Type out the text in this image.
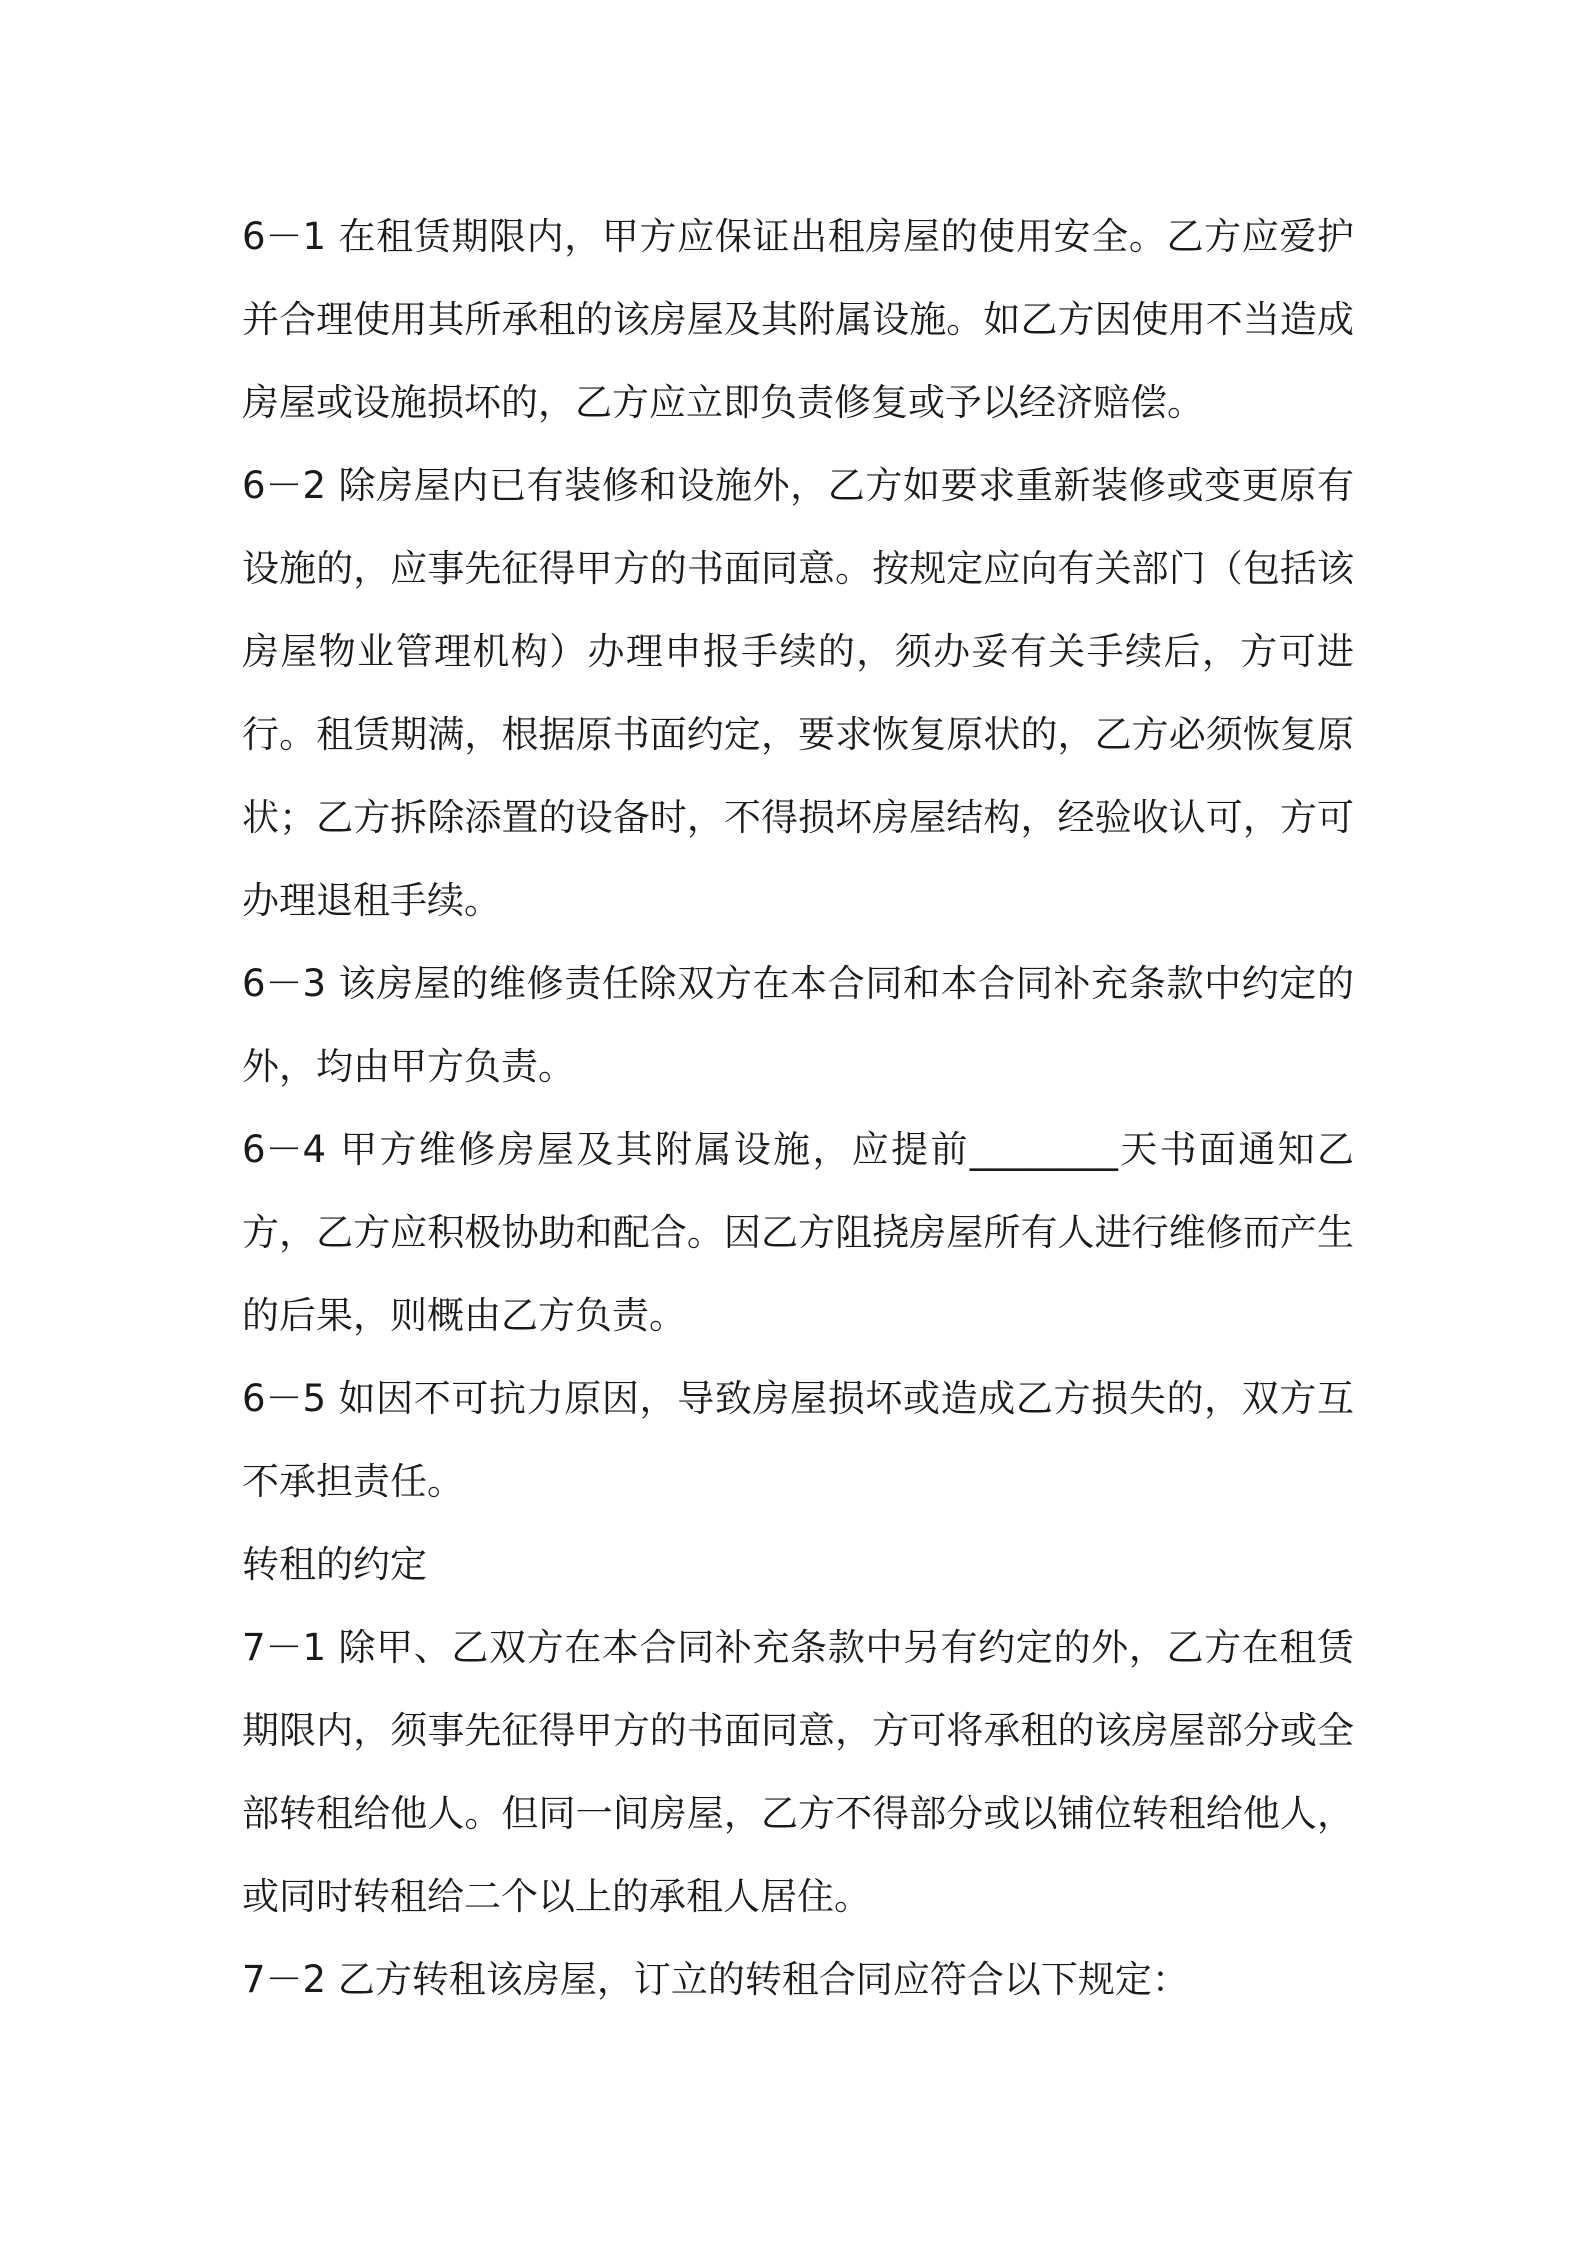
6－1 在租赁期限内，甲方应保证出租房屋的使用安全。乙方应爱护并合理使用其所承租的该房屋及其附属设施。如乙方因使用不当造成房屋或设施损坏的，乙方应立即负责修复或予以经济赔偿。

6－2 除房屋内已有装修和设施外，乙方如要求重新装修或变更原有设施的，应事先征得甲方的书面同意。按规定应向有关部门（包括该房屋物业管理机构）办理申报手续的，须办妥有关手续后，方可进行。租赁期满，根据原书面约定，要求恢复原状的，乙方必须恢复原状；乙方拆除添置的设备时，不得损坏房屋结构，经验收认可，方可办理退租手续。

6－3 该房屋的维修责任除双方在本合同和本合同补充条款中约定的外，均由甲方负责。

6－4 甲方维修房屋及其附属设施，应提前________天书面通知乙方，乙方应积极协助和配合。因乙方阻挠房屋所有人进行维修而产生的后果，则概由乙方负责。

6－5 如因不可抗力原因，导致房屋损坏或造成乙方损失的，双方互不承担责任。

转租的约定

7－1 除甲、乙双方在本合同补充条款中另有约定的外，乙方在租赁期限内，须事先征得甲方的书面同意，方可将承租的该房屋部分或全部转租给他人。但同一间房屋，乙方不得部分或以铺位转租给他人，或同时转租给二个以上的承租人居住。

7－2 乙方转租该房屋，订立的转租合同应符合以下规定：
